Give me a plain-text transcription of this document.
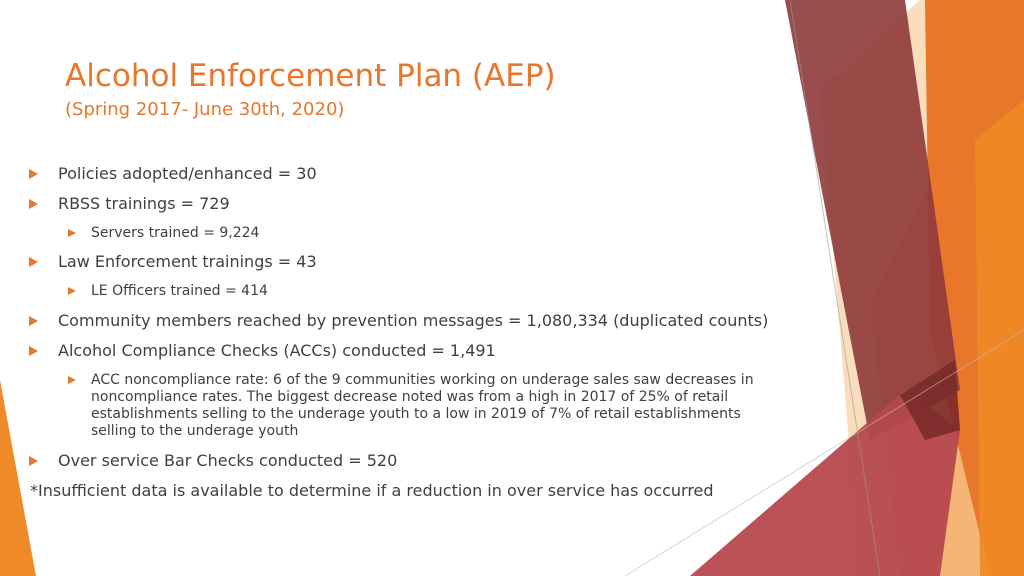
Alcohol Enforcement Plan (AEP)
(Spring 2017- June 30th, 2020)
Policies adopted/enhanced = 30
RBSS trainings = 729
Servers trained = 9,224
Law Enforcement trainings = 43
LE Officers trained = 414
Community members reached by prevention messages = 1,080,334 (duplicated counts)
Alcohol Compliance Checks (ACCs) conducted = 1,491
ACC noncompliance rate: 6 of the 9 communities working on underage sales saw decreases in noncompliance rates. The biggest decrease noted was from a high in 2017 of 25% of retail establishments selling to the underage youth to a low in 2019 of 7% of retail establishments selling to the underage youth
Over service Bar Checks conducted = 520
*Insufficient data is available to determine if a reduction in over service has occurred
